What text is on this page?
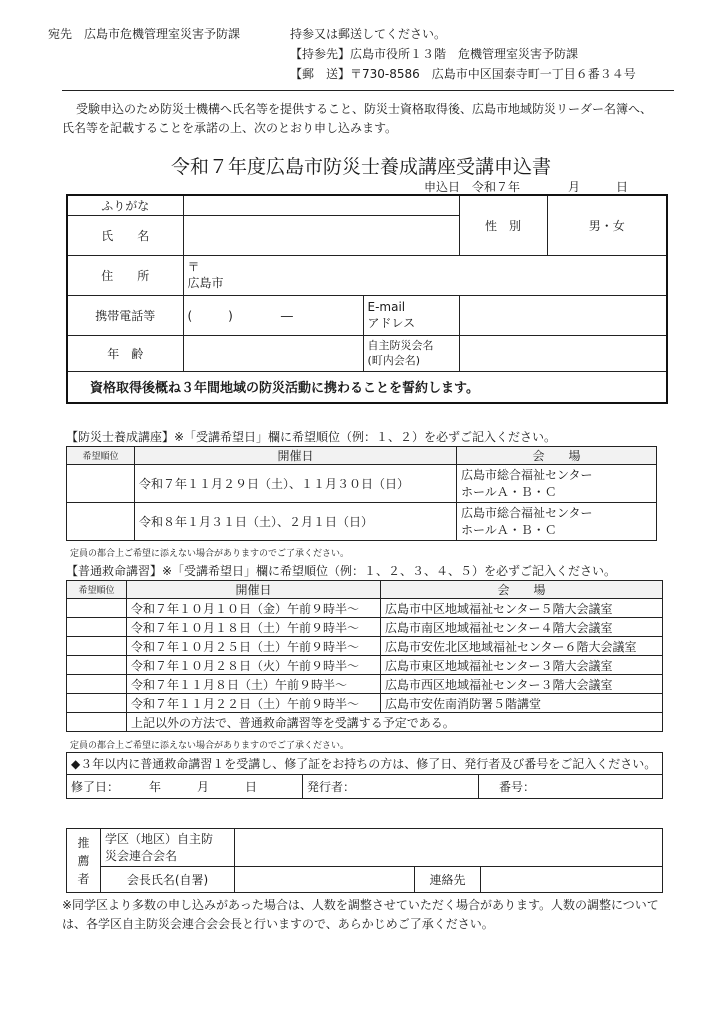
宛先　広島市危機管理室災害予防課	持参又は郵送してください。
【持参先】広島市役所１３階　危機管理室災害予防課
【郵　送】〒730-8586　広島市中区国泰寺町一丁目６番３４号
受験申込のため防災士機構へ氏名等を提供すること、防災士資格取得後、広島市地域防災リーダー名簿へ、氏名等を記載することを承諾の上、次のとおり申し込みます。
令和７年度広島市防災士養成講座受講申込書
申込日　令和７年　　　　月　　　日
ふりがな			性　別	男・女
氏　　名				
住　　所	〒
広島市			

携帯電話等	(　　　)　　　　―	E-mail
アドレス		
年　齢		自主防災会名
(町内会名)		
資格取得後概ね３年間地域の防災活動に携わることを誓約します。				
【防災士養成講座】※「受講希望日」欄に希望順位（例：１、２）を必ずご記入ください。
希望順位	開催日	会　　場
	令和７年１１月２９日（土）、１１月３０日（日）	広島市総合福祉センター
ホールＡ・Ｂ・Ｃ

	令和８年１月３１日（土）、２月１日（日）	広島市総合福祉センター
ホールＡ・Ｂ・Ｃ
定員の都合上ご希望に添えない場合がありますのでご了承ください。
【普通救命講習】※「受講希望日」欄に希望順位（例：１、２、３、４、５）を必ずご記入ください。
希望順位	開催日	会　　場
	令和７年１０月１０日（金）午前９時半～	広島市中区地域福祉センター５階大会議室
	令和７年１０月１８日（土）午前９時半～	広島市南区地域福祉センター４階大会議室
	令和７年１０月２５日（土）午前９時半～	広島市安佐北区地域福祉センター６階大会議室
	令和７年１０月２８日（火）午前９時半～	広島市東区地域福祉センター３階大会議室
	令和７年１１月８日（土）午前９時半～	広島市西区地域福祉センター３階大会議室
	令和７年１１月２２日（土）午前９時半～	広島市安佐南消防署５階講堂
	上記以外の方法で、普通救命講習等を受講する予定である。	
定員の都合上ご希望に添えない場合がありますのでご了承ください。
◆３年以内に普通救命講習１を受講し、修了証をお持ちの方は、修了日、発行者及び番号をご記入ください。
修了日：　　　年　　　月　　　日	発行者：	番号：
推
薦
者	学区（地区）自主防
災会連合会名			
	会長氏名(自署)		連絡先	
※同学区より多数の申し込みがあった場合は、人数を調整させていただく場合があります。人数の調整については、各学区自主防災会連合会会長と行いますので、あらかじめご了承ください。
